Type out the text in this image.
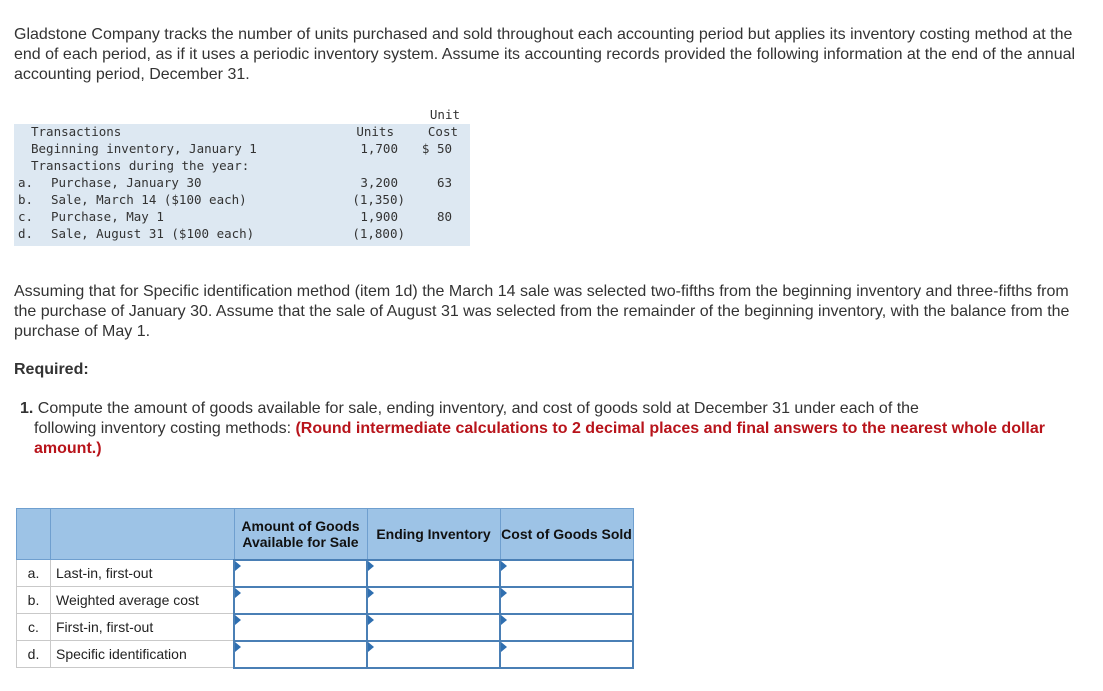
Gladstone Company tracks the number of units purchased and sold throughout each accounting period but applies its inventory costing method at the end of each period, as if it uses a periodic inventory system. Assume its accounting records provided the following information at the end of the annual accounting period, December 31.

Unit
Transactions	Units	Cost
Beginning inventory, January 1	1,700	$ 50
Transactions during the year:
a. Purchase, January 30	3,200	63
b. Sale, March 14 ($100 each)	(1,350)
c. Purchase, May 1	1,900	80
d. Sale, August 31 ($100 each)	(1,800)

Assuming that for Specific identification method (item 1d) the March 14 sale was selected two-fifths from the beginning inventory and three-fifths from the purchase of January 30. Assume that the sale of August 31 was selected from the remainder of the beginning inventory, with the balance from the purchase of May 1.

Required:

1. Compute the amount of goods available for sale, ending inventory, and cost of goods sold at December 31 under each of the
following inventory costing methods: (Round intermediate calculations to 2 decimal places and final answers to the nearest whole dollar amount.)

		Amount of Goods Available for Sale	Ending Inventory	Cost of Goods Sold
a.	Last-in, first-out			
b.	Weighted average cost			
c.	First-in, first-out			
d.	Specific identification			
